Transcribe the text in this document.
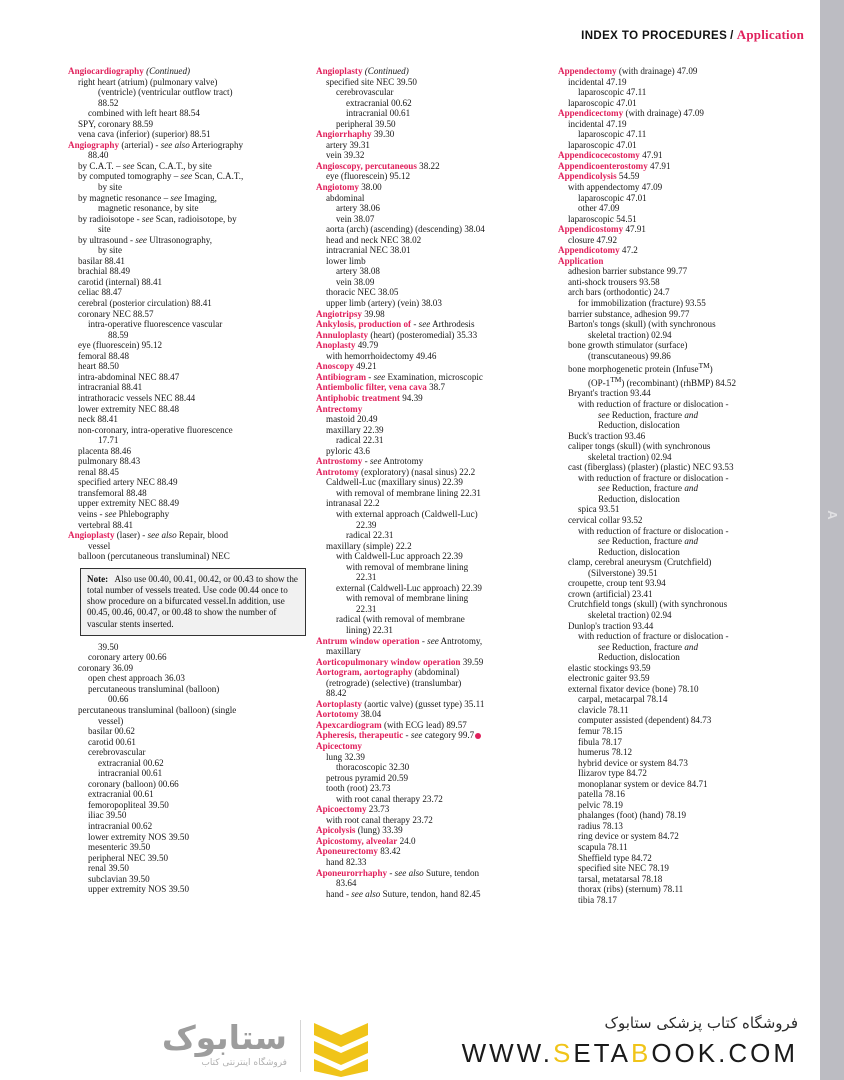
A
INDEX TO PROCEDURES / Application
Angiocardiography (Continued)
right heart (atrium) (pulmonary valve)
(ventricle) (ventricular outflow tract)
88.52
combined with left heart 88.54
SPY, coronary 88.59
vena cava (inferior) (superior) 88.51
Angiography (arterial) - see also Arteriography
88.40
by C.A.T. – see Scan, C.A.T., by site
by computed tomography – see Scan, C.A.T.,
by site
by magnetic resonance – see Imaging,
magnetic resonance, by site
by radioisotope - see Scan, radioisotope, by
site
by ultrasound - see Ultrasonography,
by site
basilar 88.41
brachial 88.49
carotid (internal) 88.41
celiac 88.47
cerebral (posterior circulation) 88.41
coronary NEC 88.57
intra-operative fluorescence vascular
88.59
eye (fluorescein) 95.12
femoral 88.48
heart 88.50
intra-abdominal NEC 88.47
intracranial 88.41
intrathoracic vessels NEC 88.44
lower extremity NEC 88.48
neck 88.41
non-coronary, intra-operative fluorescence
17.71
placenta 88.46
pulmonary 88.43
renal 88.45
specified artery NEC 88.49
transfemoral 88.48
upper extremity NEC 88.49
veins - see Phlebography
vertebral 88.41
Angioplasty (laser) - see also Repair, blood
vessel
balloon (percutaneous transluminal) NEC
Note:   Also use 00.40, 00.41, 00.42, or 00.43 to show the total number of vessels treated. Use code 00.44 once to show procedure on a bifurcated vessel.In addition, use 00.45, 00.46, 00.47, or 00.48 to show the number of vascular stents inserted.
39.50
coronary artery 00.66
coronary 36.09
open chest approach 36.03
percutaneous transluminal (balloon)
00.66
percutaneous transluminal (balloon) (single
vessel)
basilar 00.62
carotid 00.61
cerebrovascular
extracranial 00.62
intracranial 00.61
coronary (balloon) 00.66
extracranial 00.61
femoropopliteal 39.50
iliac 39.50
intracranial 00.62
lower extremity NOS 39.50
mesenteric 39.50
peripheral NEC 39.50
renal 39.50
subclavian 39.50
upper extremity NOS 39.50
Angioplasty (Continued)
specified site NEC 39.50
cerebrovascular
extracranial 00.62
intracranial 00.61
peripheral 39.50
Angiorrhaphy 39.30
artery 39.31
vein 39.32
Angioscopy, percutaneous 38.22
eye (fluorescein) 95.12
Angiotomy 38.00
abdominal
artery 38.06
vein 38.07
aorta (arch) (ascending) (descending) 38.04
head and neck NEC 38.02
intracranial NEC 38.01
lower limb
artery 38.08
vein 38.09
thoracic NEC 38.05
upper limb (artery) (vein) 38.03
Angiotripsy 39.98
Ankylosis, production of - see Arthrodesis
Annuloplasty (heart) (posteromedial) 35.33
Anoplasty 49.79
with hemorrhoidectomy 49.46
Anoscopy 49.21
Antibiogram - see Examination, microscopic
Antiembolic filter, vena cava 38.7
Antiphobic treatment 94.39
Antrectomy
mastoid 20.49
maxillary 22.39
radical 22.31
pyloric 43.6
Antrostomy - see Antrotomy
Antrotomy (exploratory) (nasal sinus) 22.2
Caldwell-Luc (maxillary sinus) 22.39
with removal of membrane lining 22.31
intranasal 22.2
with external approach (Caldwell-Luc)
22.39
radical 22.31
maxillary (simple) 22.2
with Caldwell-Luc approach 22.39
with removal of membrane lining
22.31
external (Caldwell-Luc approach) 22.39
with removal of membrane lining
22.31
radical (with removal of membrane
lining) 22.31
Antrum window operation - see Antrotomy,
maxillary
Aorticopulmonary window operation 39.59
Aortogram, aortography (abdominal)
(retrograde) (selective) (translumbar)
88.42
Aortoplasty (aortic valve) (gusset type) 35.11
Aortotomy 38.04
Apexcardiogram (with ECG lead) 89.57
Apheresis, therapeutic - see category 99.7
Apicectomy
lung 32.39
thoracoscopic 32.30
petrous pyramid 20.59
tooth (root) 23.73
with root canal therapy 23.72
Apicoectomy 23.73
with root canal therapy 23.72
Apicolysis (lung) 33.39
Apicostomy, alveolar 24.0
Aponeurectomy 83.42
hand 82.33
Aponeurorrhaphy - see also Suture, tendon
83.64
hand - see also Suture, tendon, hand 82.45
Appendectomy (with drainage) 47.09
incidental 47.19
laparoscopic 47.11
laparoscopic 47.01
Appendicectomy (with drainage) 47.09
incidental 47.19
laparoscopic 47.11
laparoscopic 47.01
Appendicocecostomy 47.91
Appendicoenterostomy 47.91
Appendicolysis 54.59
with appendectomy 47.09
laparoscopic 47.01
other 47.09
laparoscopic 54.51
Appendicostomy 47.91
closure 47.92
Appendicotomy 47.2
Application
adhesion barrier substance 99.77
anti-shock trousers 93.58
arch bars (orthodontic) 24.7
for immobilization (fracture) 93.55
barrier substance, adhesion 99.77
Barton's tongs (skull) (with synchronous
skeletal traction) 02.94
bone growth stimulator (surface)
(transcutaneous) 99.86
bone morphogenetic protein (Infuse™)
(OP-1™) (recombinant) (rhBMP) 84.52
Bryant's traction 93.44
with reduction of fracture or dislocation -
see Reduction, fracture and
Reduction, dislocation
Buck's traction 93.46
caliper tongs (skull) (with synchronous
skeletal traction) 02.94
cast (fiberglass) (plaster) (plastic) NEC 93.53
with reduction of fracture or dislocation -
see Reduction, fracture and
Reduction, dislocation
spica 93.51
cervical collar 93.52
with reduction of fracture or dislocation -
see Reduction, fracture and
Reduction, dislocation
clamp, cerebral aneurysm (Crutchfield)
(Silverstone) 39.51
croupette, croup tent 93.94
crown (artificial) 23.41
Crutchfield tongs (skull) (with synchronous
skeletal traction) 02.94
Dunlop's traction 93.44
with reduction of fracture or dislocation -
see Reduction, fracture and
Reduction, dislocation
elastic stockings 93.59
electronic gaiter 93.59
external fixator device (bone) 78.10
carpal, metacarpal 78.14
clavicle 78.11
computer assisted (dependent) 84.73
femur 78.15
fibula 78.17
humerus 78.12
hybrid device or system 84.73
Ilizarov type 84.72
monoplanar system or device 84.71
patella 78.16
pelvic 78.19
phalanges (foot) (hand) 78.19
radius 78.13
ring device or system 84.72
scapula 78.11
Sheffield type 84.72
specified site NEC 78.19
tarsal, metatarsal 78.18
thorax (ribs) (sternum) 78.11
tibia 78.17
ستابوک
فروشگاه اینترنتی کتاب
فروشگاه کتاب پزشکی ستابوک
WWW.SETABOOK.COM
